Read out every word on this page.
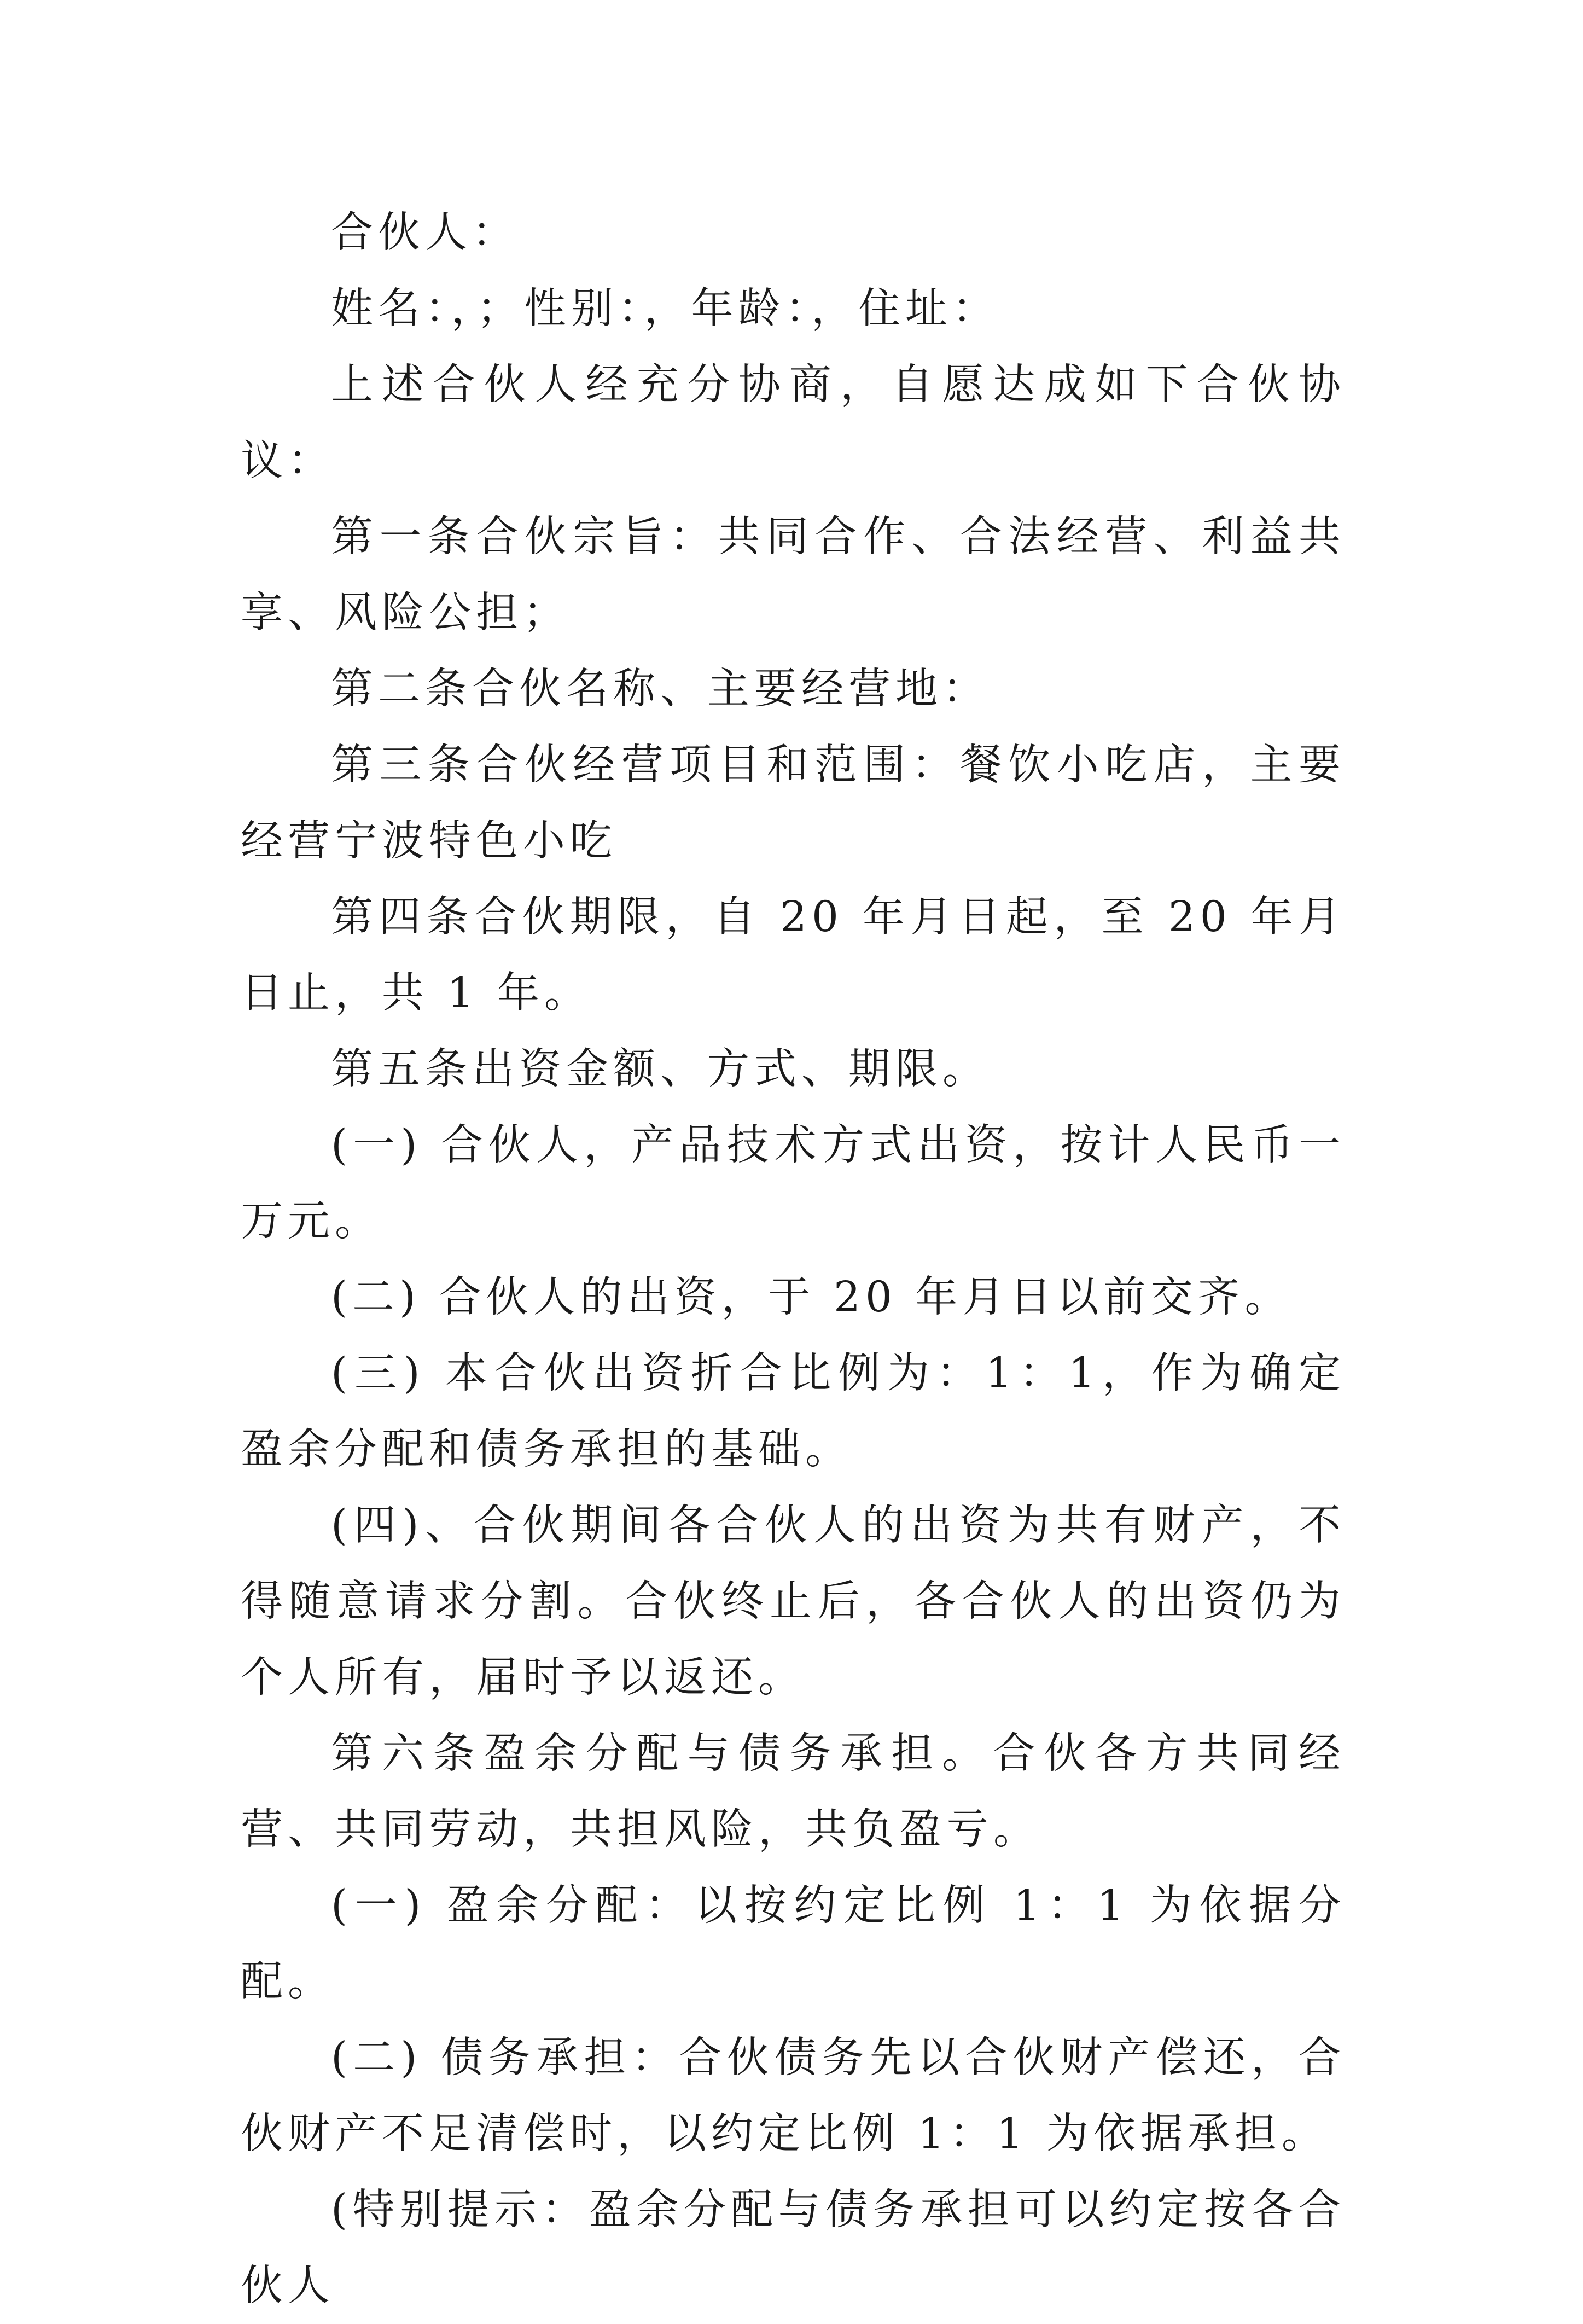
合伙人：

姓名：，；性别：，年龄：，住址：

上述合伙人经充分协商，自愿达成如下合伙协议：

第一条合伙宗旨：共同合作、合法经营、利益共享、风险公担；

第二条合伙名称、主要经营地：

第三条合伙经营项目和范围：餐饮小吃店，主要经营宁波特色小吃

第四条合伙期限，自 20 年月日起，至 20 年月日止，共 1 年。

第五条出资金额、方式、期限。

(一) 合伙人，产品技术方式出资，按计人民币一万元。

(二) 合伙人的出资，于 20 年月日以前交齐。

(三) 本合伙出资折合比例为：1：1，作为确定盈余分配和债务承担的基础。

(四)、合伙期间各合伙人的出资为共有财产，不得随意请求分割。合伙终止后，各合伙人的出资仍为个人所有，届时予以返还。

第六条盈余分配与债务承担。合伙各方共同经营、共同劳动，共担风险，共负盈亏。

(一) 盈余分配：以按约定比例 1：1 为依据分配。

(二) 债务承担：合伙债务先以合伙财产偿还，合伙财产不足清偿时，以约定比例 1：1 为依据承担。

(特别提示：盈余分配与债务承担可以约定按各合伙人
